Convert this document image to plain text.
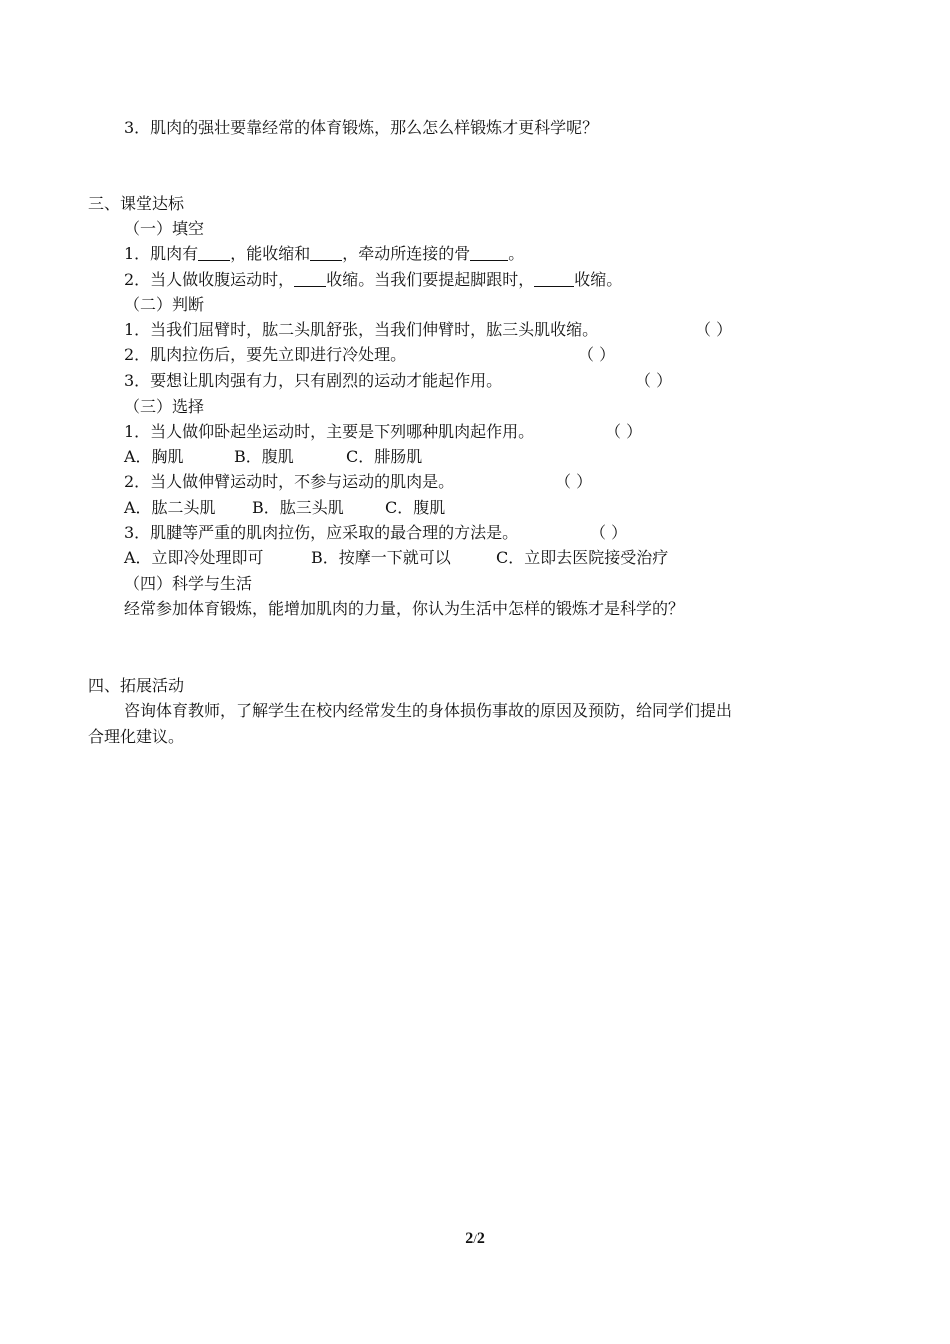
3．肌肉的强壮要靠经常的体育锻炼，那么怎么样锻炼才更科学呢？
三、课堂达标
（一）填空
1．肌肉有 ，能收缩和 ，牵动所连接的骨 。
2．当人做收腹运动时， 收缩。当我们要提起脚跟时，	收缩。
（二）判断
1．当我们屈臂时，肱二头肌舒张，当我们伸臂时，肱三头肌收缩。	（ ）
2．肌肉拉伤后，要先立即进行冷处理。	（ ）
3．要想让肌肉强有力，只有剧烈的运动才能起作用。	（ ）
（三）选择
1．当人做仰卧起坐运动时，主要是下列哪种肌肉起作用。	（ ）
A．胸肌	B．腹肌	C．腓肠肌
2．当人做伸臂运动时，不参与运动的肌肉是。	（ ）
A．肱二头肌 B．肱三头肌	C．腹肌
3．肌腱等严重的肌肉拉伤，应采取的最合理的方法是。	（ ）
A．立即冷处理即可	B．按摩一下就可以	C．立即去医院接受治疗
（四）科学与生活
经常参加体育锻炼，能增加肌肉的力量，你认为生活中怎样的锻炼才是科学的？
四、拓展活动
咨询体育教师，了解学生在校内经常发生的身体损伤事故的原因及预防，给同学们提出
合理化建议。
2/2
